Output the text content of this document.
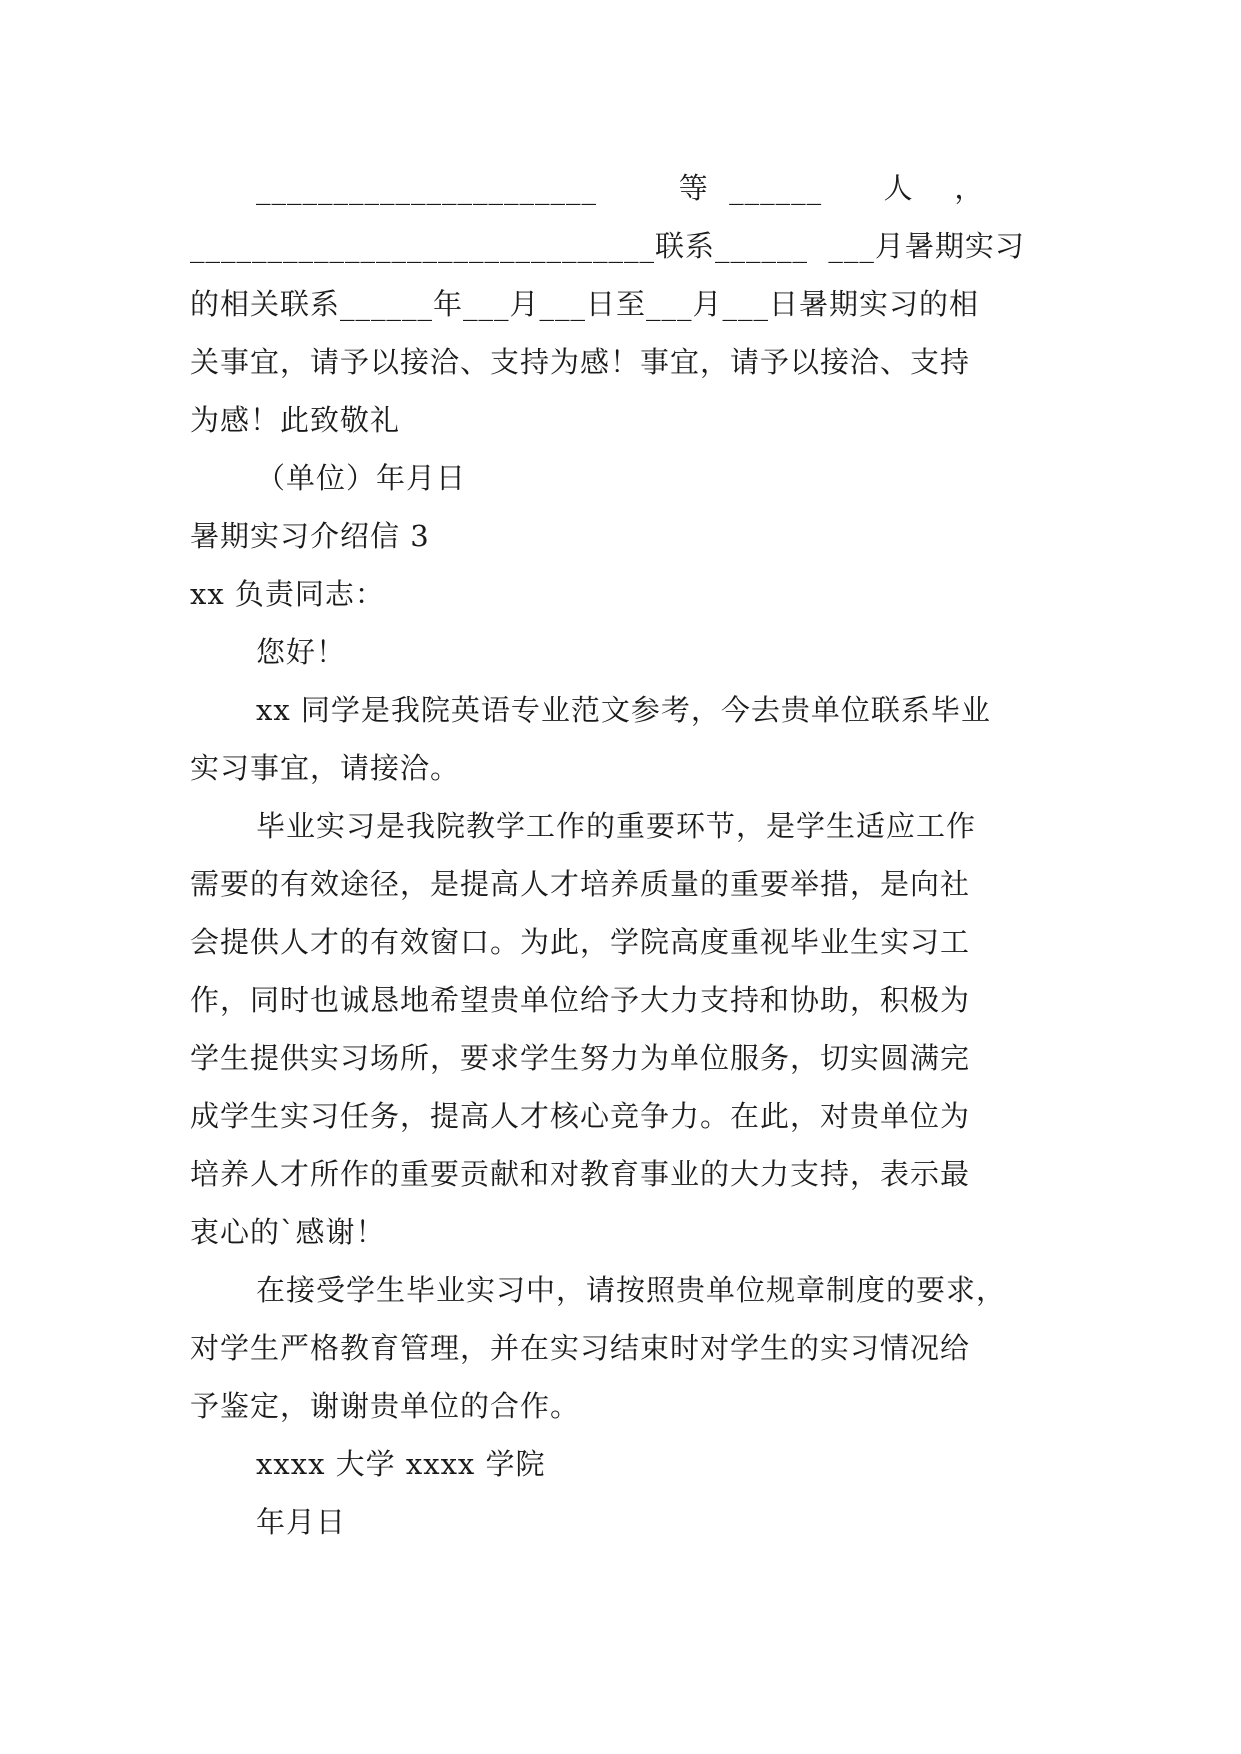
______________________        等  ______      人    ，
______________________________联系______  ___月暑期实习
的相关联系______年___月___日至___月___日暑期实习的相
关事宜，请予以接洽、支持为感！事宜，请予以接洽、支持
为感！此致敬礼
（单位）年月日
暑期实习介绍信 3
xx 负责同志：
您好！
xx 同学是我院英语专业范文参考，今去贵单位联系毕业
实习事宜，请接洽。
毕业实习是我院教学工作的重要环节，是学生适应工作
需要的有效途径，是提高人才培养质量的重要举措，是向社
会提供人才的有效窗口。为此，学院高度重视毕业生实习工
作，同时也诚恳地希望贵单位给予大力支持和协助，积极为
学生提供实习场所，要求学生努力为单位服务，切实圆满完
成学生实习任务，提高人才核心竞争力。在此，对贵单位为
培养人才所作的重要贡献和对教育事业的大力支持，表示最
衷心的`感谢！
在接受学生毕业实习中，请按照贵单位规章制度的要求，
对学生严格教育管理，并在实习结束时对学生的实习情况给
予鉴定，谢谢贵单位的合作。
xxxx 大学 xxxx 学院
年月日
